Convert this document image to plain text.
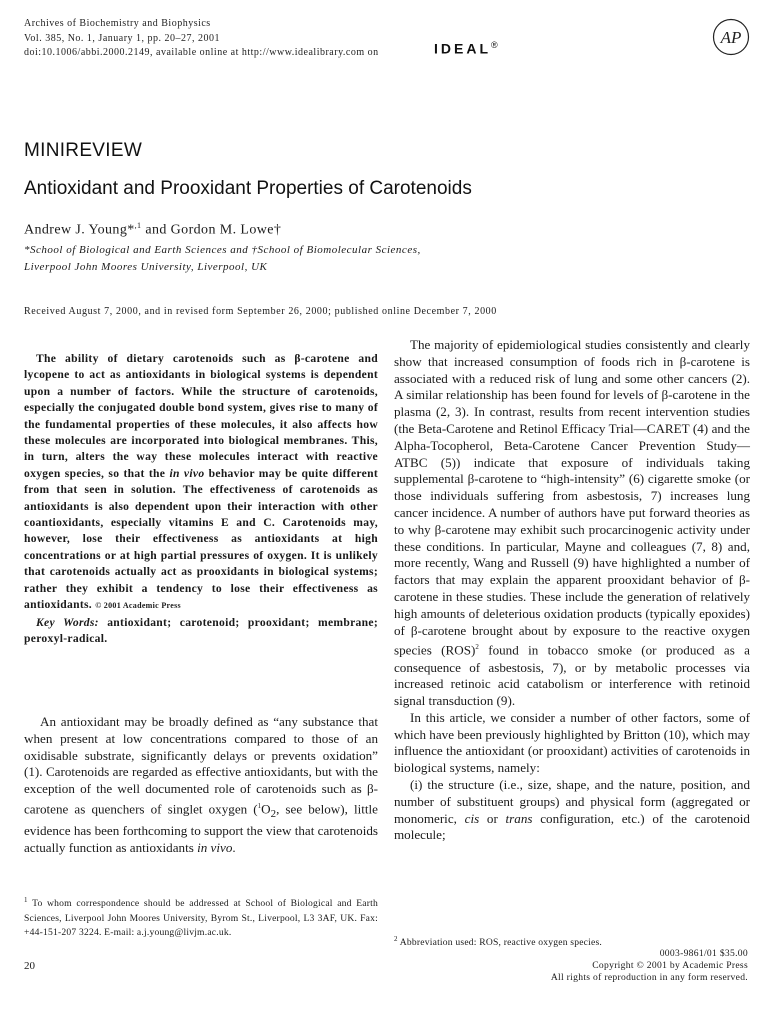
Archives of Biochemistry and Biophysics
Vol. 385, No. 1, January 1, pp. 20–27, 2001
doi:10.1006/abbi.2000.2149, available online at http://www.idealibrary.com on	IDEAL®	AP
MINIREVIEW
Antioxidant and Prooxidant Properties of Carotenoids
Andrew J. Young*$^{,1}$ and Gordon M. Lowe†
*School of Biological and Earth Sciences and †School of Biomolecular Sciences,
Liverpool John Moores University, Liverpool, UK
Received August 7, 2000, and in revised form September 26, 2000; published online December 7, 2000

The ability of dietary carotenoids such as β-carotene and lycopene to act as antioxidants in biological systems is dependent upon a number of factors. While the structure of carotenoids, especially the conjugated double bond system, gives rise to many of the fundamental properties of these molecules, it also affects how these molecules are incorporated into biological membranes. This, in turn, alters the way these molecules interact with reactive oxygen species, so that the in vivo behavior may be quite different from that seen in solution. The effectiveness of carotenoids as antioxidants is also dependent upon their interaction with other coantioxidants, especially vitamins E and C. Carotenoids may, however, lose their effectiveness as antioxidants at high concentrations or at high partial pressures of oxygen. It is unlikely that carotenoids actually act as prooxidants in biological systems; rather they exhibit a tendency to lose their effectiveness as antioxidants. © 2001 Academic Press

Key Words: antioxidant; carotenoid; prooxidant; membrane; peroxyl-radical.

An antioxidant may be broadly defined as “any substance that when present at low concentrations compared to those of an oxidisable substrate, significantly delays or prevents oxidation” (1). Carotenoids are regarded as effective antioxidants, but with the exception of the well documented role of carotenoids such as β-carotene as quenchers of singlet oxygen ($^1O_2$, see below), little evidence has been forthcoming to support the view that carotenoids actually function as antioxidants in vivo.
$^1$ To whom correspondence should be addressed at School of Biological and Earth Sciences, Liverpool John Moores University, Byrom St., Liverpool, L3 3AF, UK. Fax: +44-151-207 3224. E-mail: a.j.young@livjm.ac.uk.

The majority of epidemiological studies consistently and clearly show that increased consumption of foods rich in β-carotene is associated with a reduced risk of lung and some other cancers (2). A similar relationship has been found for levels of β-carotene in the plasma (2, 3). In contrast, results from recent intervention studies (the Beta-Carotene and Retinol Efficacy Trial—CARET (4) and the Alpha-Tocopherol, Beta-Carotene Cancer Prevention Study—ATBC (5)) indicate that exposure of individuals taking supplemental β-carotene to “high-intensity” (6) cigarette smoke (or those individuals suffering from asbestosis, 7) increases lung cancer incidence. A number of authors have put forward theories as to why β-carotene may exhibit such procarcinogenic activity under these conditions. In particular, Mayne and colleagues (7, 8) and, more recently, Wang and Russell (9) have highlighted a number of factors that may explain the apparent prooxidant behavior of β-carotene in these studies. These include the generation of relatively high amounts of deleterious oxidation products (typically epoxides) of β-carotene brought about by exposure to the reactive oxygen species (ROS)$^2$ found in tobacco smoke (or produced as a consequence of asbestosis, 7), or by metabolic processes via increased retinoic acid catabolism or interference with retinoid signal transduction (9).

In this article, we consider a number of other factors, some of which have been previously highlighted by Britton (10), which may influence the antioxidant (or prooxidant) activities of carotenoids in biological systems, namely:

(i) the structure (i.e., size, shape, and the nature, position, and number of substituent groups) and physical form (aggregated or monomeric, cis or trans configuration, etc.) of the carotenoid molecule;

$^2$ Abbreviation used: ROS, reactive oxygen species.
20
0003-9861/01 $35.00
Copyright © 2001 by Academic Press
All rights of reproduction in any form reserved.
